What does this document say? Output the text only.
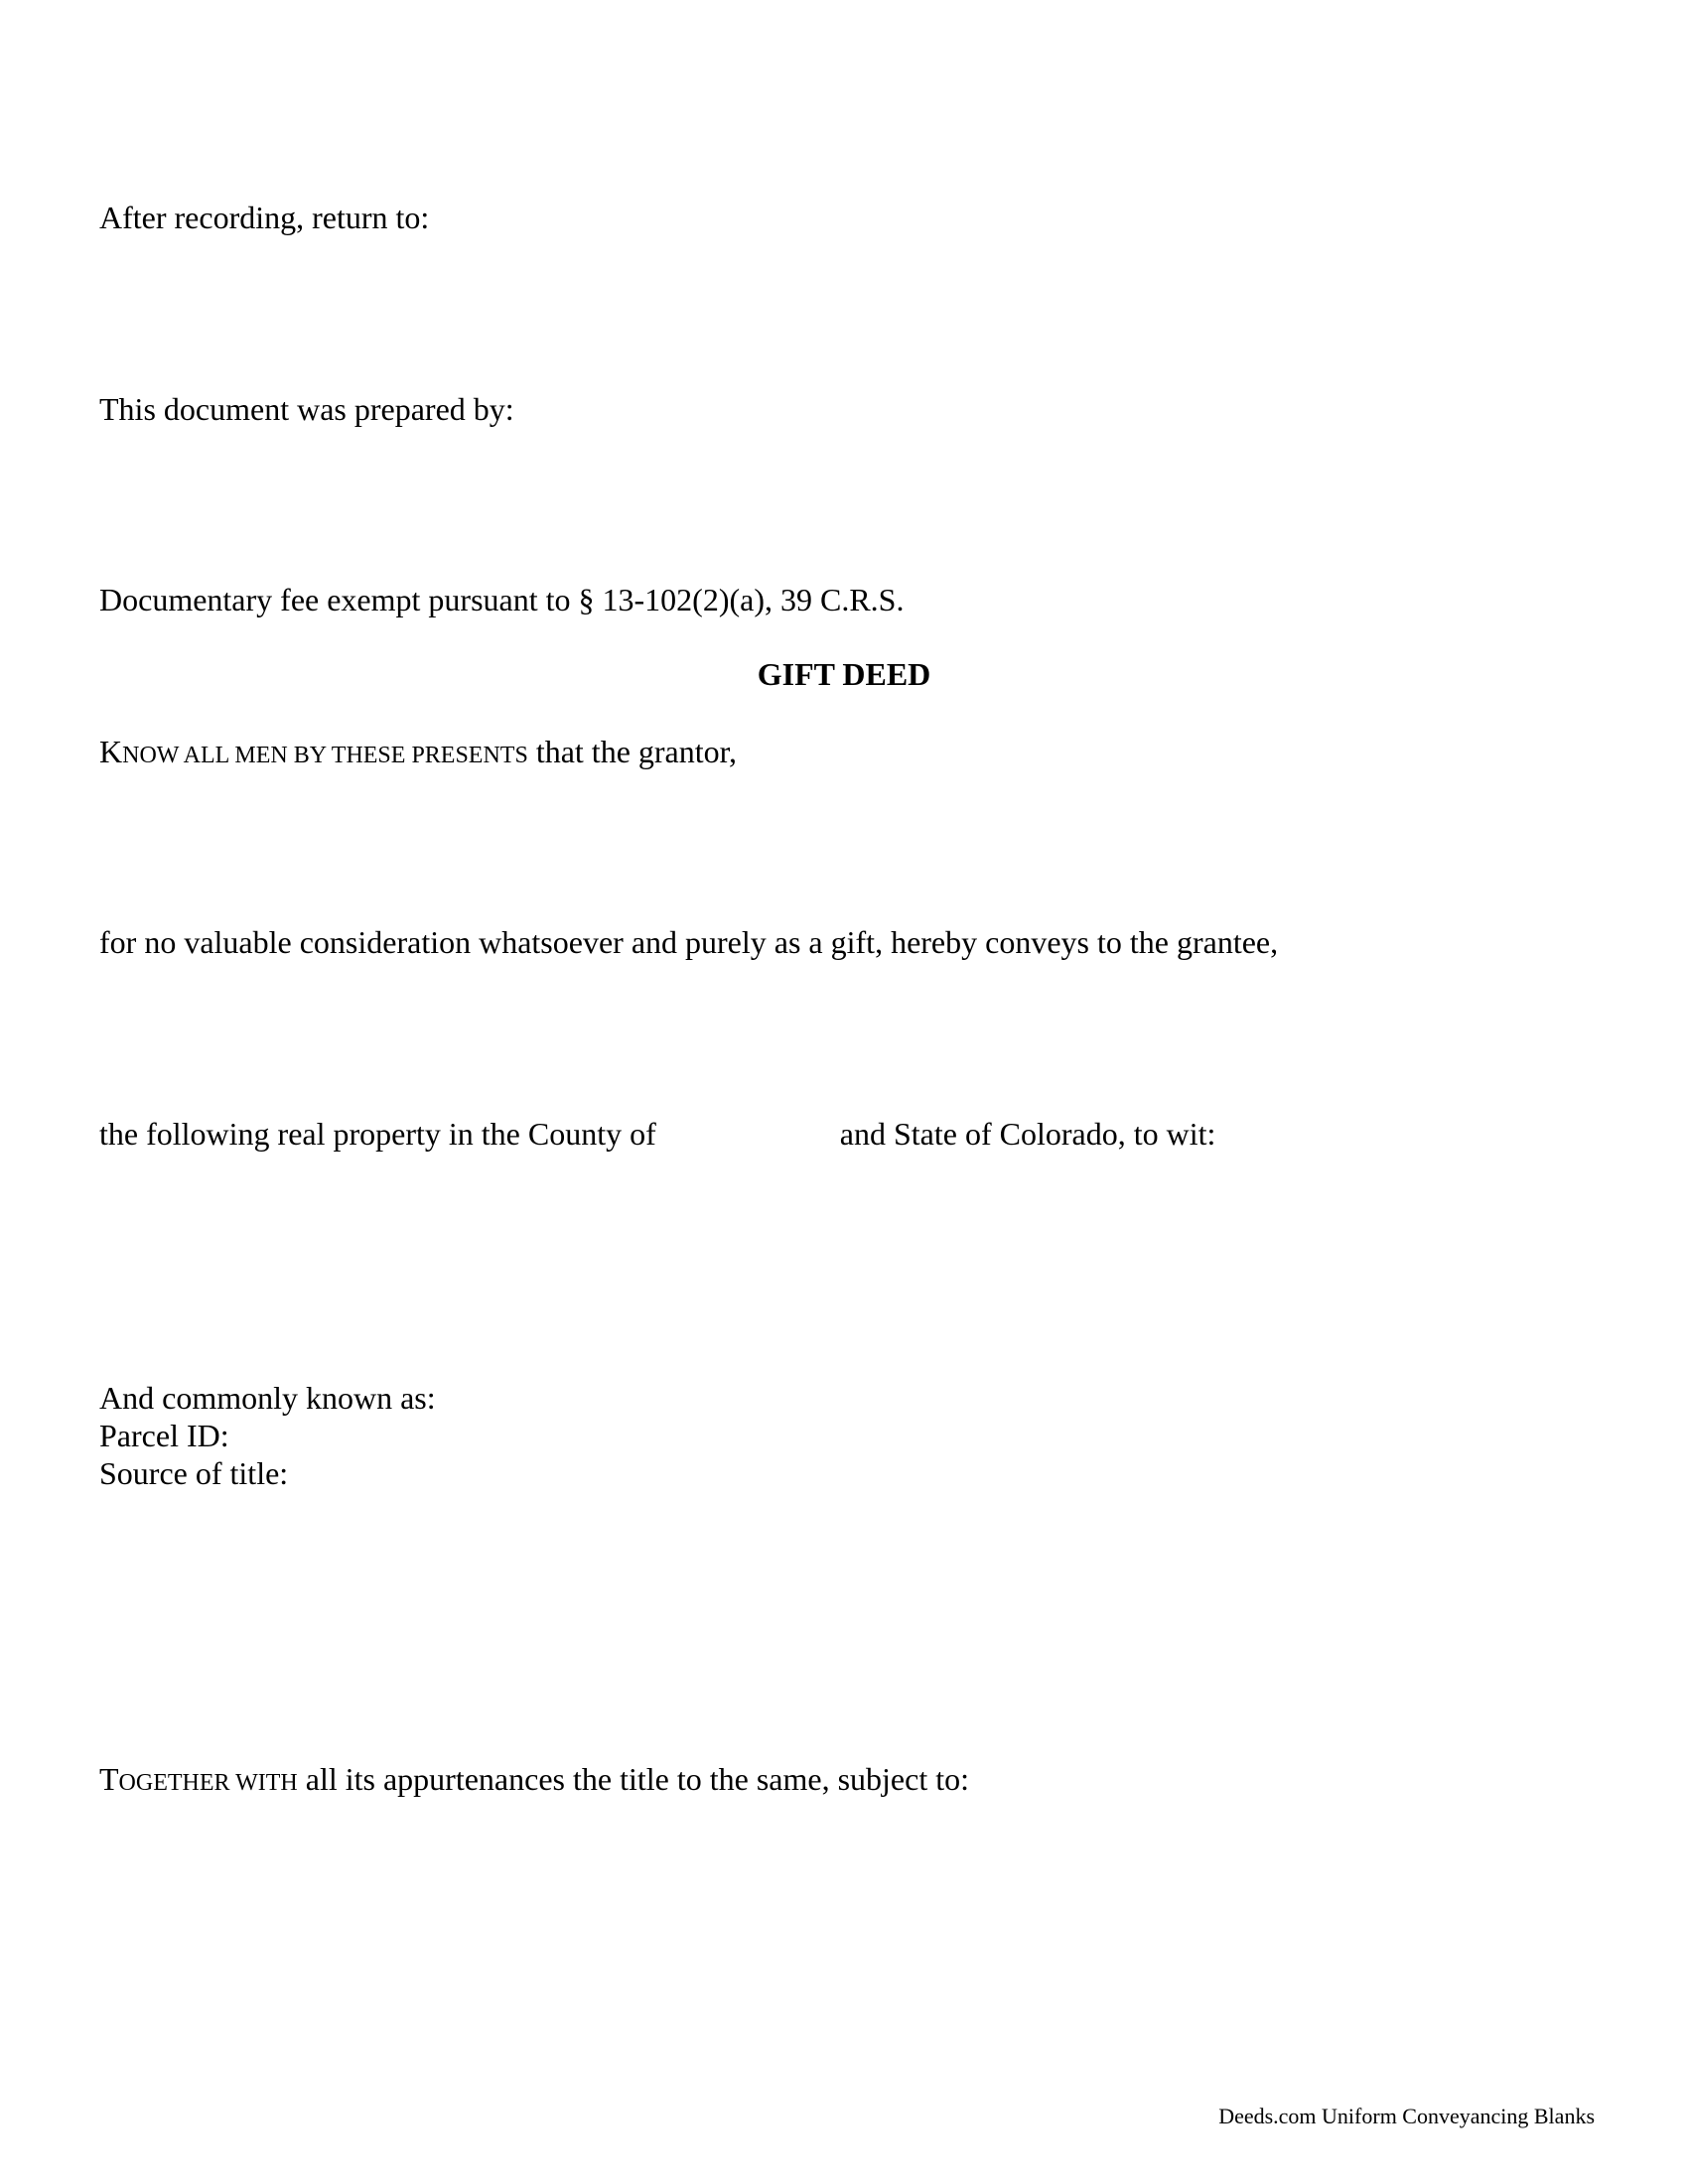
After recording, return to:
This document was prepared by:
Documentary fee exempt pursuant to § 13-102(2)(a), 39 C.R.S.
GIFT DEED
KNOW ALL MEN BY THESE PRESENTS that the grantor,
for no valuable consideration whatsoever and purely as a gift, hereby conveys to the grantee,
the following real property in the County of	and State of Colorado, to wit:
And commonly known as:
Parcel ID:
Source of title:
TOGETHER WITH all its appurtenances the title to the same, subject to:
Deeds.com Uniform Conveyancing Blanks
